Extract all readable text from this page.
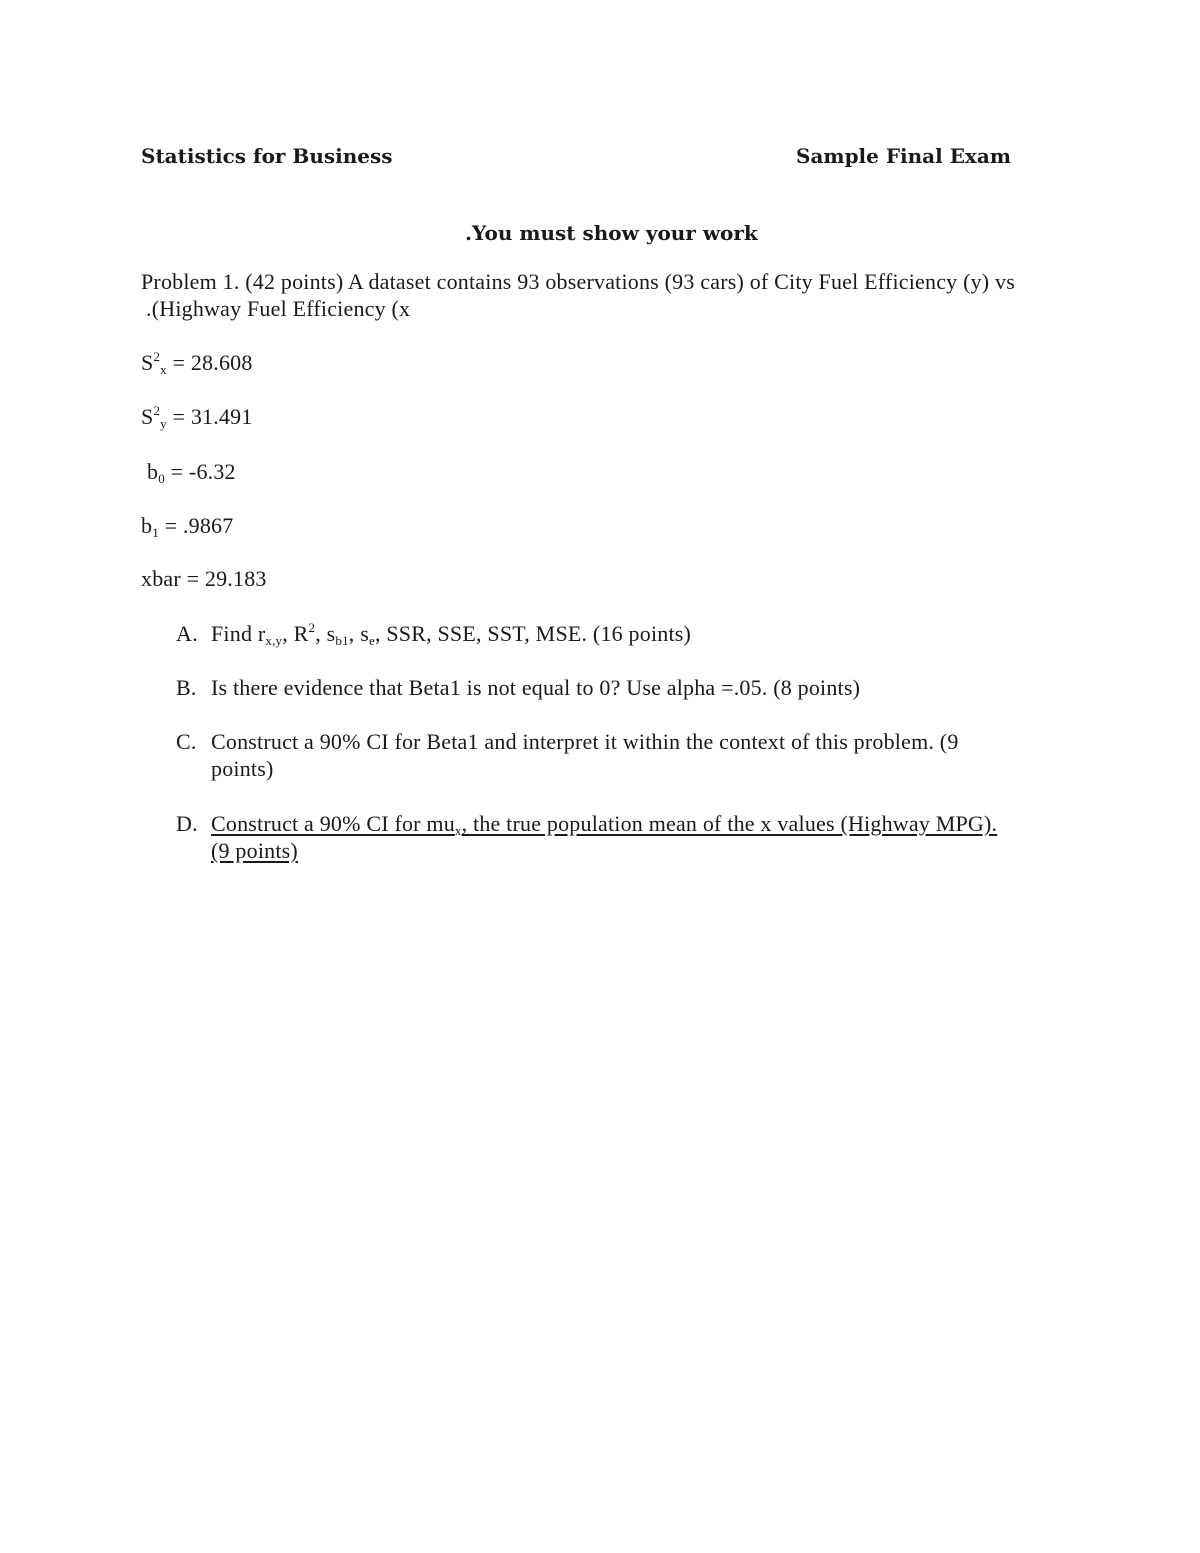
Statistics for Business	Sample Final Exam
.You must show your work
Problem 1. (42 points) A dataset contains 93 observations (93 cars) of City Fuel Efficiency (y) vs
.(Highway Fuel Efficiency (x
$S^2_x = 28.608$
$S^2_y = 31.491$
$b_0 = -6.32$
$b_1 = .9867$
xbar = 29.183
A. Find $r_{x,y}$, $R^2$, $s_{b1}$, $s_e$, SSR, SSE, SST, MSE. (16 points)
B. Is there evidence that Beta1 is not equal to 0? Use alpha =.05. (8 points)
C. Construct a 90% CI for Beta1 and interpret it within the context of this problem. (9
points)
D. Construct a 90% CI for $mu_x$, the true population mean of the x values (Highway MPG).
(9 points)
